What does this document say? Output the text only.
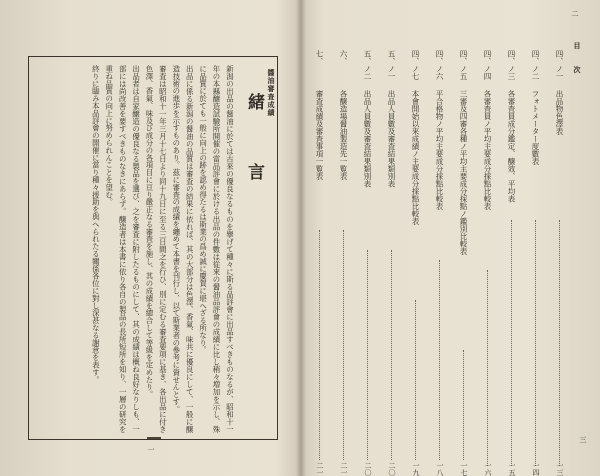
新潟の出品の醤油に於ては古來の優良なるものを擧げて種々に斯る品評會に出品すべきものなるが、昭和十一年の本縣醸造試驗所開催の當品評會に於ける出品の件數は從來の醤油品評會の成績に比し稍々増加を示し、殊に品質に於ても一般に向上の跡を認め得たるは斯業の爲め誠に慶賀に堪へざる所なり。
出品に係る新潟の醤油の品質は審査の結果に依れば、其の大部分は色澤、香氣、味共に優良にして、一般に醸造技術の進歩を示すものあり。茲に審査の成績を纏めて本書を刊行し、以て斯業者の參考に資せんとす。
審査は昭和十一年三月十七日より同十九日に至る三日間之を行ひ、別に定むる審査要項に基き、各出品に付き色澤、香氣、味及び成分の各項目に亘り嚴正なる審査を施し、其の成績を總合して等級を定めたり。
出品者は自家醸造の優良なる製品を選び、之を審査に附したるものにして、其の成績は概ね良好なりしも、一部には尚改善を要すべきものなきにあらず。醸造者は本書に依り各自の製品の長所短所を知り、一層の研究を重ね品質の向上に努められんことを望む。
終りに臨み本品評會の開催に當り種々援助を與へられたる關係各位に對し深甚なる謝意を表す。	緒　言 醬油審查成績
一
目　次
二
四、ノ一
出品物色澤表
一三
四、ノ二
フォトメーター度數表
一四
四、ノ三
各審査員成分鑑定、醸效、平均表
一五
四、ノ四
各審査員ノ平均主要成分採點比較表
一六
四、ノ五
三審及四審各種ノ平均主要成分採點ノ鑑別比較表
一七
四、ノ六
平合格物ノ平均主要成分採點比較表
一八
四、ノ七
本會開始以來成績ノ主要成分採點比較表
一九
五、ノ一
出品人員數及審査結果類別表
二〇
五、ノ二
出品人員數及審査結果類別表
二〇
六、
各醸造場醤油製造先一覧表
二一
七、
審査成績及審査事項一覧表
二一
三
